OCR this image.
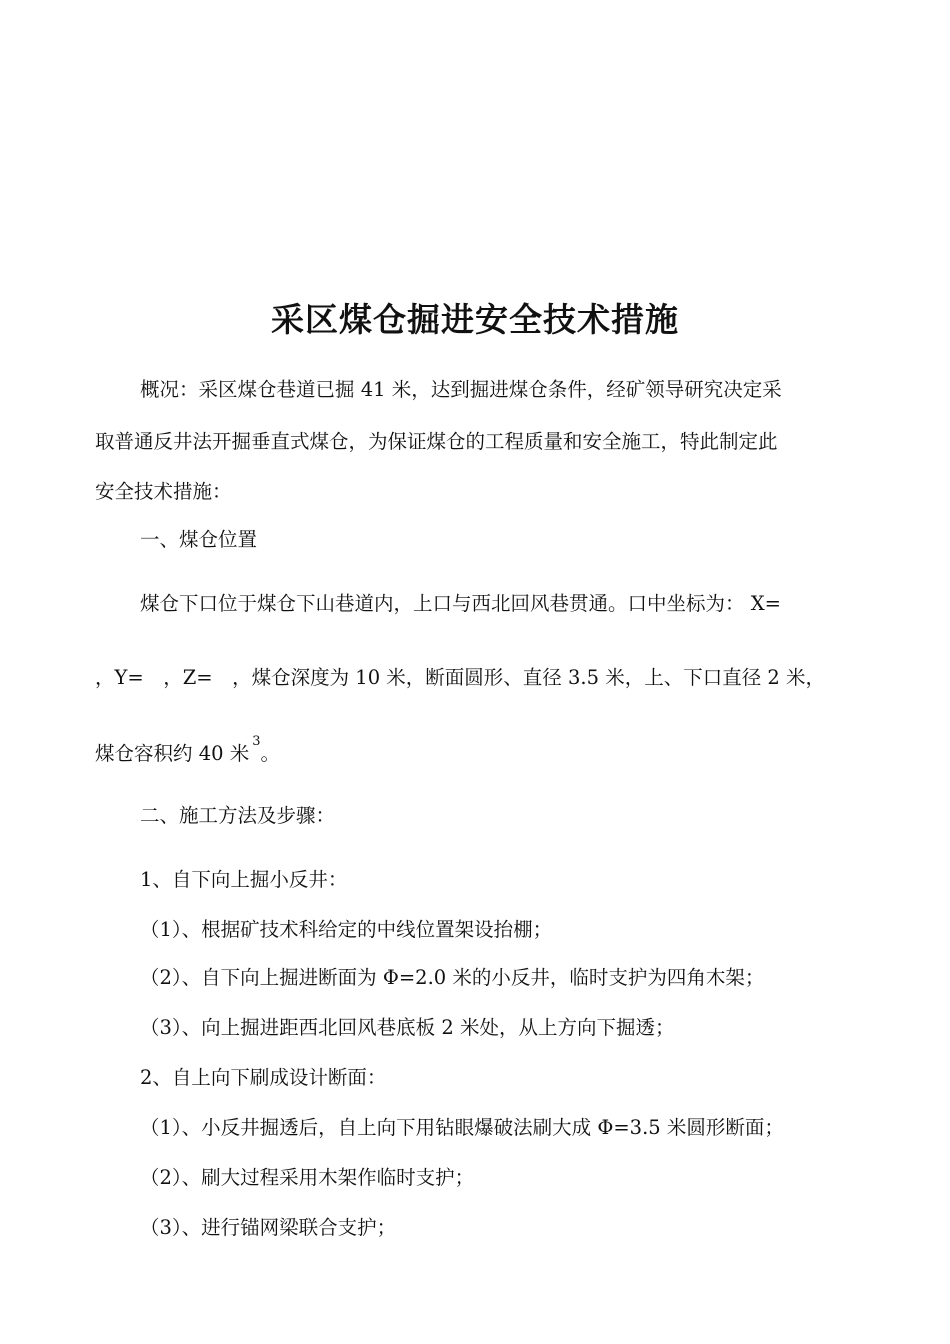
采区煤仓掘进安全技术措施
概况：采区煤仓巷道已掘 41 米，达到掘进煤仓条件，经矿领导研究决定采
取普通反井法开掘垂直式煤仓，为保证煤仓的工程质量和安全施工，特此制定此
安全技术措施：
一、煤仓位置
煤仓下口位于煤仓下山巷道内，上口与西北回风巷贯通。口中坐标为： X=
，Y=　，Z=　，煤仓深度为 10 米，断面圆形、直径 3.5 米，上、下口直径 2 米，
煤仓容积约 40 米$^3$。
二、施工方法及步骤：
1、自下向上掘小反井：
（1）、根据矿技术科给定的中线位置架设抬棚；
（2）、自下向上掘进断面为 Φ=2.0 米的小反井，临时支护为四角木架；
（3）、向上掘进距西北回风巷底板 2 米处，从上方向下掘透；
2、自上向下刷成设计断面：
（1）、小反井掘透后，自上向下用钻眼爆破法刷大成 Φ=3.5 米圆形断面；
（2）、刷大过程采用木架作临时支护；
（3）、进行锚网梁联合支护；
